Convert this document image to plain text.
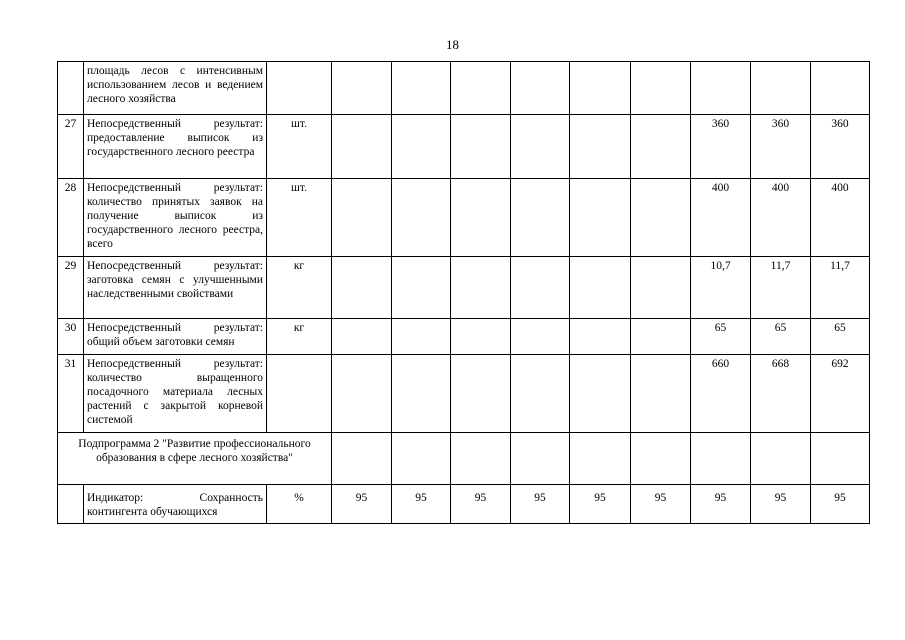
18
	площадь лесов с интенсивным использованием лесов и ведением лесного хозяйства										
27	Непосредственный результат: предоставление выписок из государственного лесного реестра	шт.							360	360	360
28	Непосредственный результат: количество принятых заявок на получение выписок из государственного лесного реестра, всего	шт.							400	400	400
29	Непосредственный результат: заготовка семян с улучшенными наследственными свойствами	кг							10,7	11,7	11,7
30	Непосредственный результат: общий объем заготовки семян	кг							65	65	65
31	Непосредственный результат: количество выращенного посадочного материала лесных растений с закрытой корневой системой								660	668	692
Подпрограмма 2 "Развитие профессионального образования в сфере лесного хозяйства"											
	Индикатор: Сохранность контингента обучающихся	%	95	95	95	95	95	95	95	95	95
